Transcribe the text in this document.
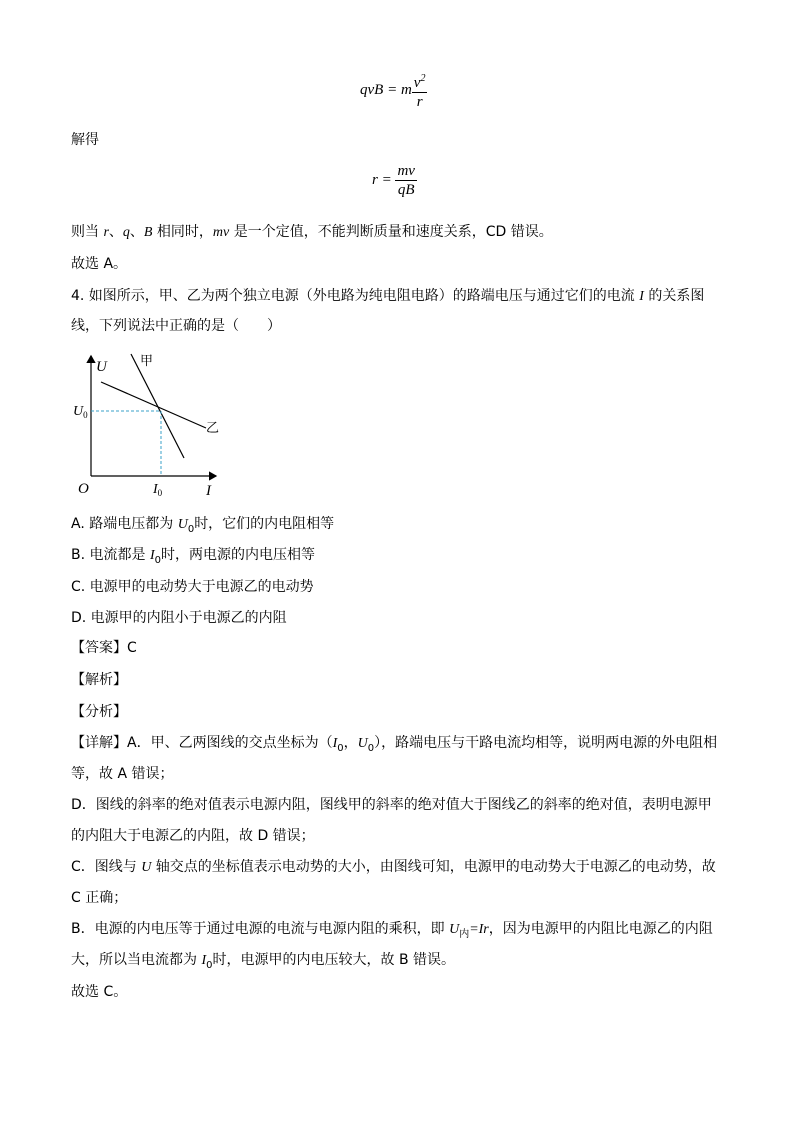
qvB = m $\frac{v^2}{r}$
解得
$r = \frac{mv}{qB}$
则当 r、q、B 相同时，mv 是一个定值，不能判断质量和速度关系，CD 错误。
故选 A。
4. 如图所示，甲、乙为两个独立电源（外电路为纯电阻电路）的路端电压与通过它们的电流 I 的关系图
线，下列说法中正确的是（　　）
甲
乙
U
I
O
$U_0$
$I_0$
A. 路端电压都为 $U_0$时，它们的内电阻相等
B. 电流都是 $I_0$时，两电源的内电压相等
C. 电源甲的电动势大于电源乙的电动势
D. 电源甲的内阻小于电源乙的内阻
【答案】C
【解析】
【分析】
【详解】A．甲、乙两图线的交点坐标为（$I_0$，$U_0$），路端电压与干路电流均相等，说明两电源的外电阻相
等，故 A 错误；
D．图线的斜率的绝对值表示电源内阻，图线甲的斜率的绝对值大于图线乙的斜率的绝对值，表明电源甲
的内阻大于电源乙的内阻，故 D 错误；
C．图线与 U 轴交点的坐标值表示电动势的大小，由图线可知，电源甲的电动势大于电源乙的电动势，故
C 正确；
B．电源的内电压等于通过电源的电流与电源内阻的乘积，即 $U_内=Ir$，因为电源甲的内阻比电源乙的内阻
大，所以当电流都为 $I_0$时，电源甲的内电压较大，故 B 错误。
故选 C。
